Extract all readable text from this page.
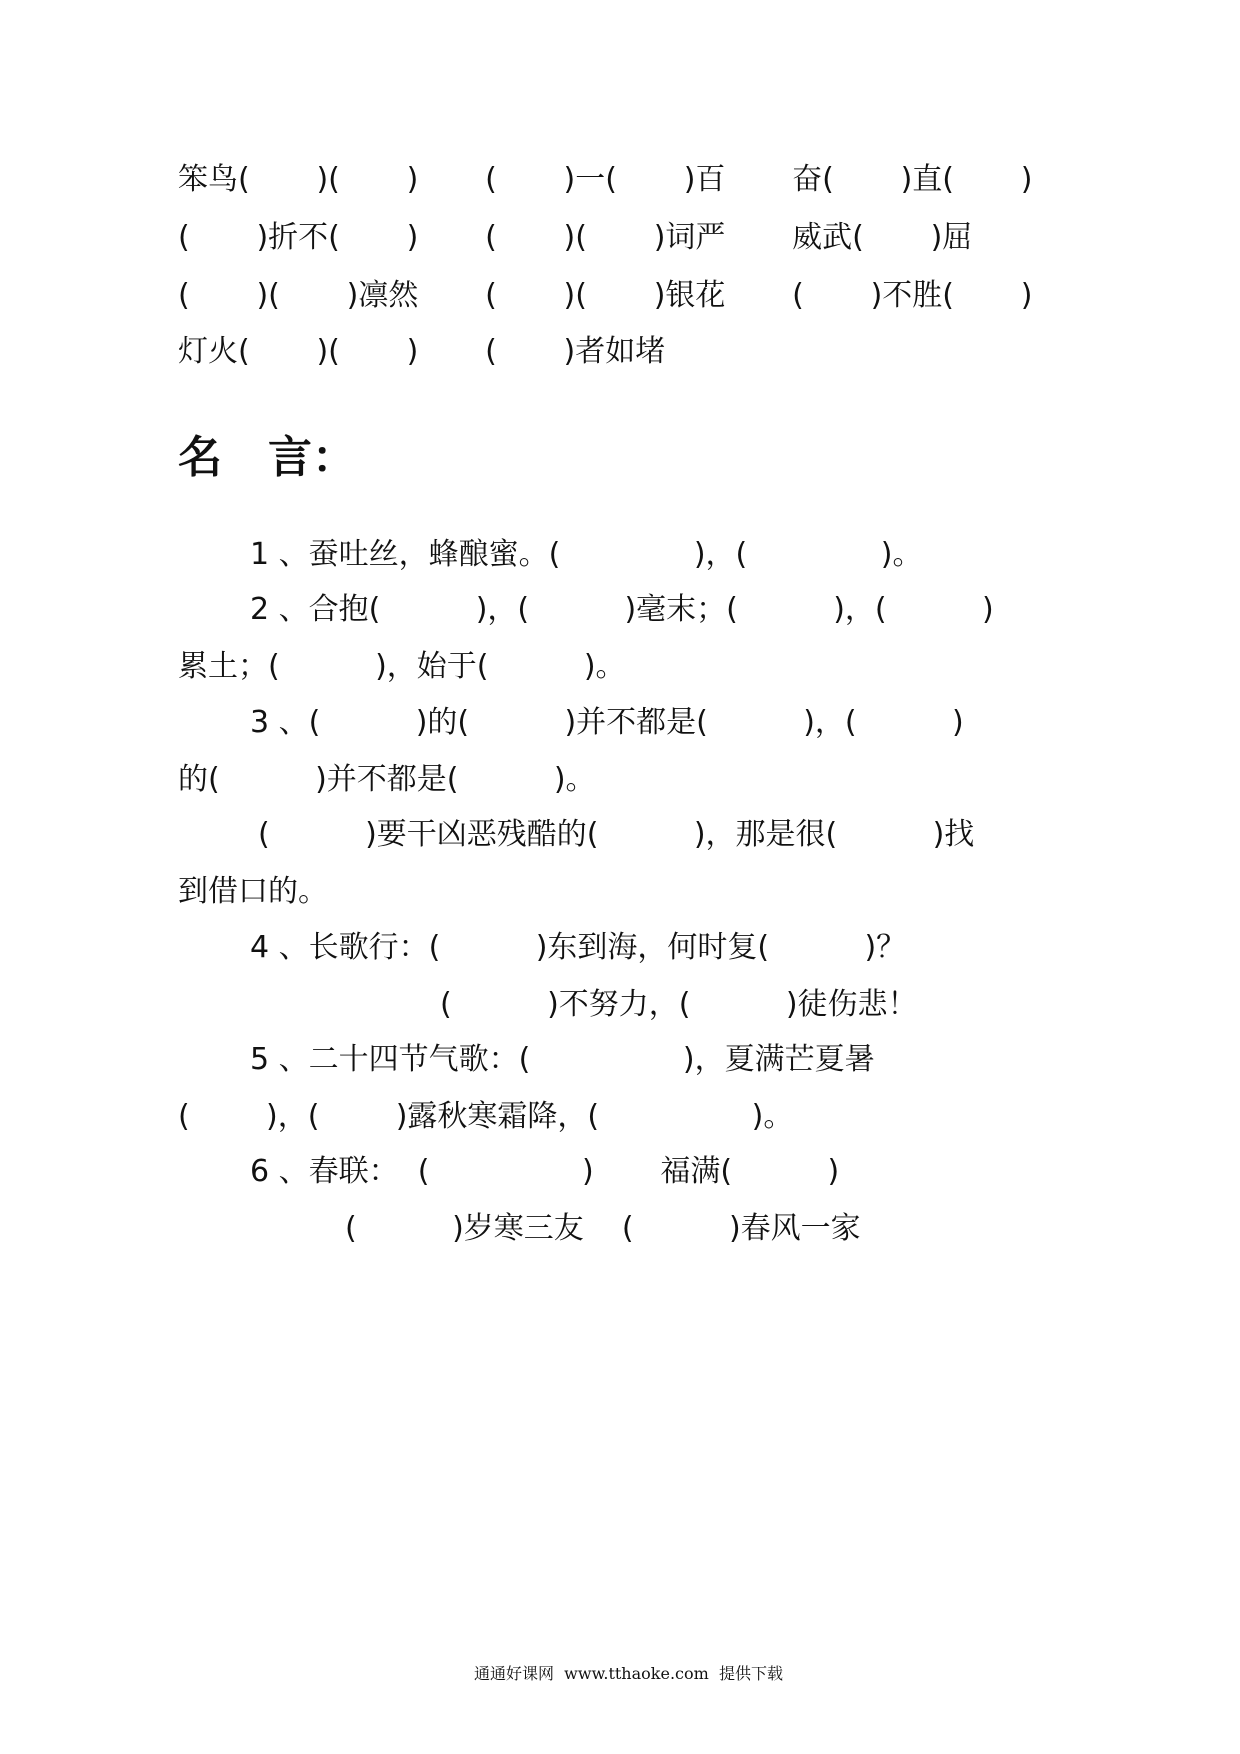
笨鸟(       )(       )       (       )一(       )百       奋(       )直(       )

(       )折不(       )       (       )(       )词严       威武(       )屈

(       )(       )凛然       (       )(       )银花       (       )不胜(       )

灯火(       )(       )       (       )者如堵

名   言：

1 、蚕吐丝，蜂酿蜜。(              )，(              )。

2 、合抱(          )，(          )毫末；(          )，(          )

累土；(          )，始于(          )。

3 、(          )的(          )并不都是(          )，(          )

的(          )并不都是(          )。

(          )要干凶恶残酷的(          )，那是很(          )找

到借口的。

4 、长歌行：(          )东到海，何时复(          )？

(          )不努力，(          )徒伤悲！

5 、二十四节气歌：(                )，夏满芒夏暑

(        )，(        )露秋寒霜降，(                )。

6 、春联：  (                )       福满(          )

(          )岁寒三友    (          )春风一家

通通好课网  www.tthaoke.com  提供下载
